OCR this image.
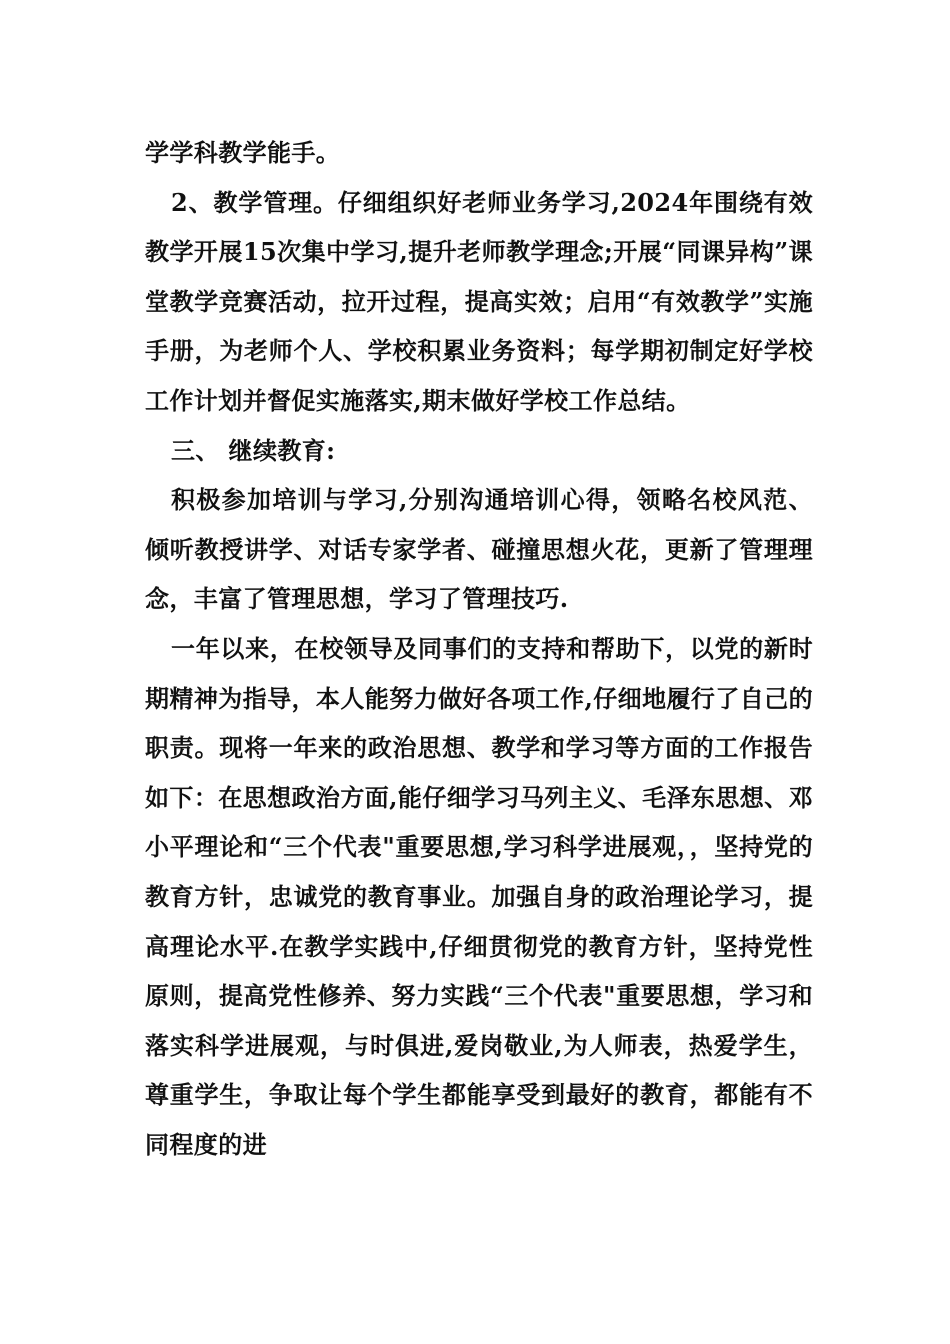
学学科教学能手。

2、教学管理。仔细组织好老师业务学习,2024年围绕有效教学开展15次集中学习,提升老师教学理念;开展“同课异构”课堂教学竞赛活动，拉开过程，提高实效；启用“有效教学”实施手册，为老师个人、学校积累业务资料；每学期初制定好学校工作计划并督促实施落实,期末做好学校工作总结。

三、 继续教育:

积极参加培训与学习,分别沟通培训心得，领略名校风范、倾听教授讲学、对话专家学者、碰撞思想火花，更新了管理理念，丰富了管理思想，学习了管理技巧.

一年以来，在校领导及同事们的支持和帮助下，以党的新时期精神为指导，本人能努力做好各项工作,仔细地履行了自己的职责。现将一年来的政治思想、教学和学习等方面的工作报告如下：在思想政治方面,能仔细学习马列主义、毛泽东思想、邓小平理论和“三个代表"重要思想,学习科学进展观，，坚持党的教育方针，忠诚党的教育事业。加强自身的政治理论学习，提高理论水平.在教学实践中,仔细贯彻党的教育方针，坚持党性原则，提高党性修养、努力实践“三个代表"重要思想，学习和落实科学进展观，与时俱进,爱岗敬业,为人师表，热爱学生，尊重学生，争取让每个学生都能享受到最好的教育，都能有不同程度的进
